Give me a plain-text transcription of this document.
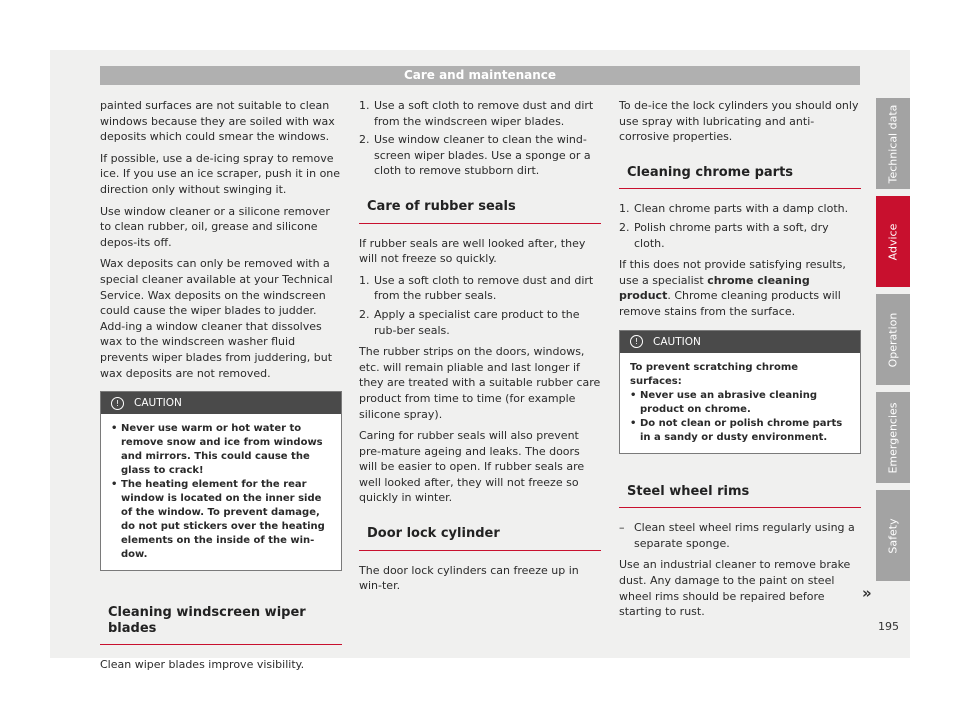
Care and maintenance

painted surfaces are not suitable to clean windows because they are soiled with wax deposits which could smear the windows.

If possible, use a de-icing spray to remove ice. If you use an ice scraper, push it in one direction only without swinging it.

Use window cleaner or a silicone remover to clean rubber, oil, grease and silicone depos-its off.

Wax deposits can only be removed with a special cleaner available at your Technical Service. Wax deposits on the windscreen could cause the wiper blades to judder. Add-ing a window cleaner that dissolves wax to the windscreen washer fluid prevents wiper blades from juddering, but wax deposits are not removed.

! CAUTION
• Never use warm or hot water to remove snow and ice from windows and mirrors. This could cause the glass to crack!
• The heating element for the rear window is located on the inner side of the window. To prevent damage, do not put stickers over the heating elements on the inside of the win-dow.
Cleaning windscreen wiper blades

Clean wiper blades improve visibility.

1. Use a soft cloth to remove dust and dirt from the windscreen wiper blades.
2. Use window cleaner to clean the wind-screen wiper blades. Use a sponge or a cloth to remove stubborn dirt.
Care of rubber seals

If rubber seals are well looked after, they will not freeze so quickly.

1. Use a soft cloth to remove dust and dirt from the rubber seals.
2. Apply a specialist care product to the rub-ber seals.

The rubber strips on the doors, windows, etc. will remain pliable and last longer if they are treated with a suitable rubber care product from time to time (for example silicone spray).

Caring for rubber seals will also prevent pre-mature ageing and leaks. The doors will be easier to open. If rubber seals are well looked after, they will not freeze so quickly in winter.

Door lock cylinder

The door lock cylinders can freeze up in win-ter.

To de-ice the lock cylinders you should only use spray with lubricating and anti-corrosive properties.

Cleaning chrome parts
1. Clean chrome parts with a damp cloth.
2. Polish chrome parts with a soft, dry cloth.

If this does not provide satisfying results, use a specialist chrome cleaning product. Chrome cleaning products will remove stains from the surface.

! CAUTION
To prevent scratching chrome surfaces:
• Never use an abrasive cleaning product on chrome.
• Do not clean or polish chrome parts in a sandy or dusty environment.
Steel wheel rims
– Clean steel wheel rims regularly using a separate sponge.

Use an industrial cleaner to remove brake dust. Any damage to the paint on steel wheel rims should be repaired before starting to rust.

Technical data
Advice
Operation
Emergencies
Safety
»
195
